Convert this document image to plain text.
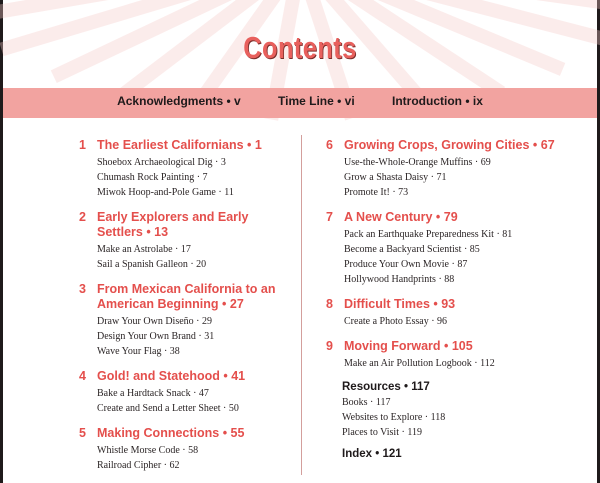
Contents
Acknowledgments • v	Time Line • vi	Introduction • ix
1 The Earliest Californians • 1
Shoebox Archaeological Dig · 3
Chumash Rock Painting · 7
Miwok Hoop-and-Pole Game · 11
2 Early Explorers and Early Settlers • 13
Make an Astrolabe · 17
Sail a Spanish Galleon · 20
3 From Mexican California to an American Beginning • 27
Draw Your Own Diseño · 29
Design Your Own Brand · 31
Wave Your Flag · 38
4 Gold! and Statehood • 41
Bake a Hardtack Snack · 47
Create and Send a Letter Sheet · 50
5 Making Connections • 55
Whistle Morse Code · 58
Railroad Cipher · 62
6 Growing Crops, Growing Cities • 67
Use-the-Whole-Orange Muffins · 69
Grow a Shasta Daisy · 71
Promote It! · 73
7 A New Century • 79
Pack an Earthquake Preparedness Kit · 81
Become a Backyard Scientist · 85
Produce Your Own Movie · 87
Hollywood Handprints · 88
8 Difficult Times • 93
Create a Photo Essay · 96
9 Moving Forward • 105
Make an Air Pollution Logbook · 112
Resources • 117
Books · 117
Websites to Explore · 118
Places to Visit · 119
Index • 121
